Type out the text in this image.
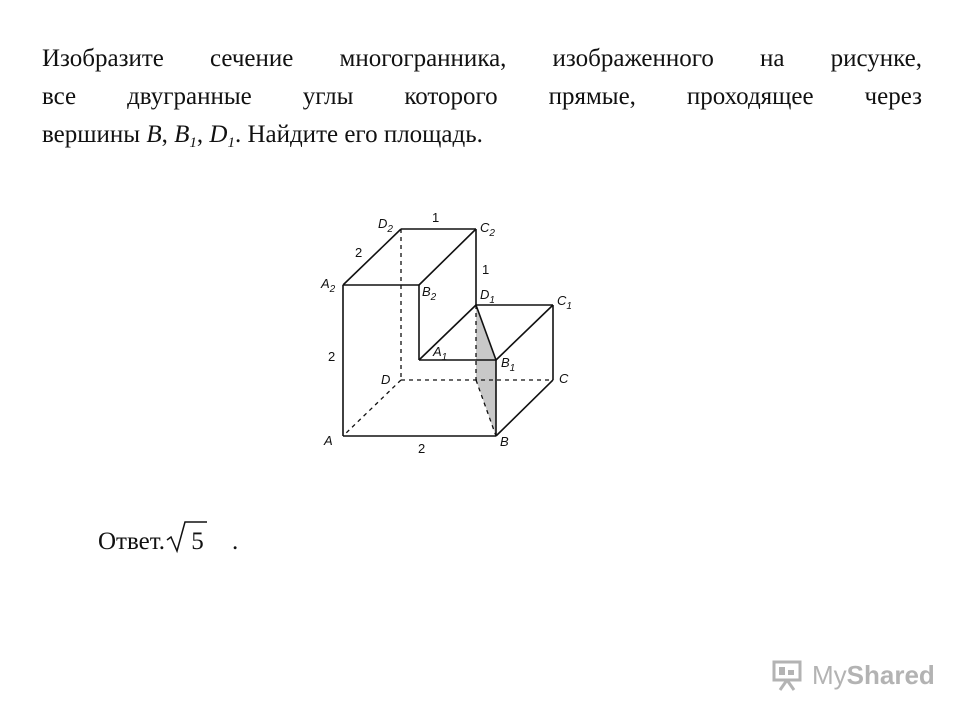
Изобразите сечение многогранника, изображенного на рисунке,
все двугранные углы которого прямые, проходящее через
вершины B, $B_1$, $D_1$. Найдите его площадь.
$D_2$	$C_2$
$A_2$	$B_2$	$D_1$	$C_1$
$A_1$	$B_1$
D	C
A	B
1
2
1
2
2
Ответ. 5 .
My Shared
